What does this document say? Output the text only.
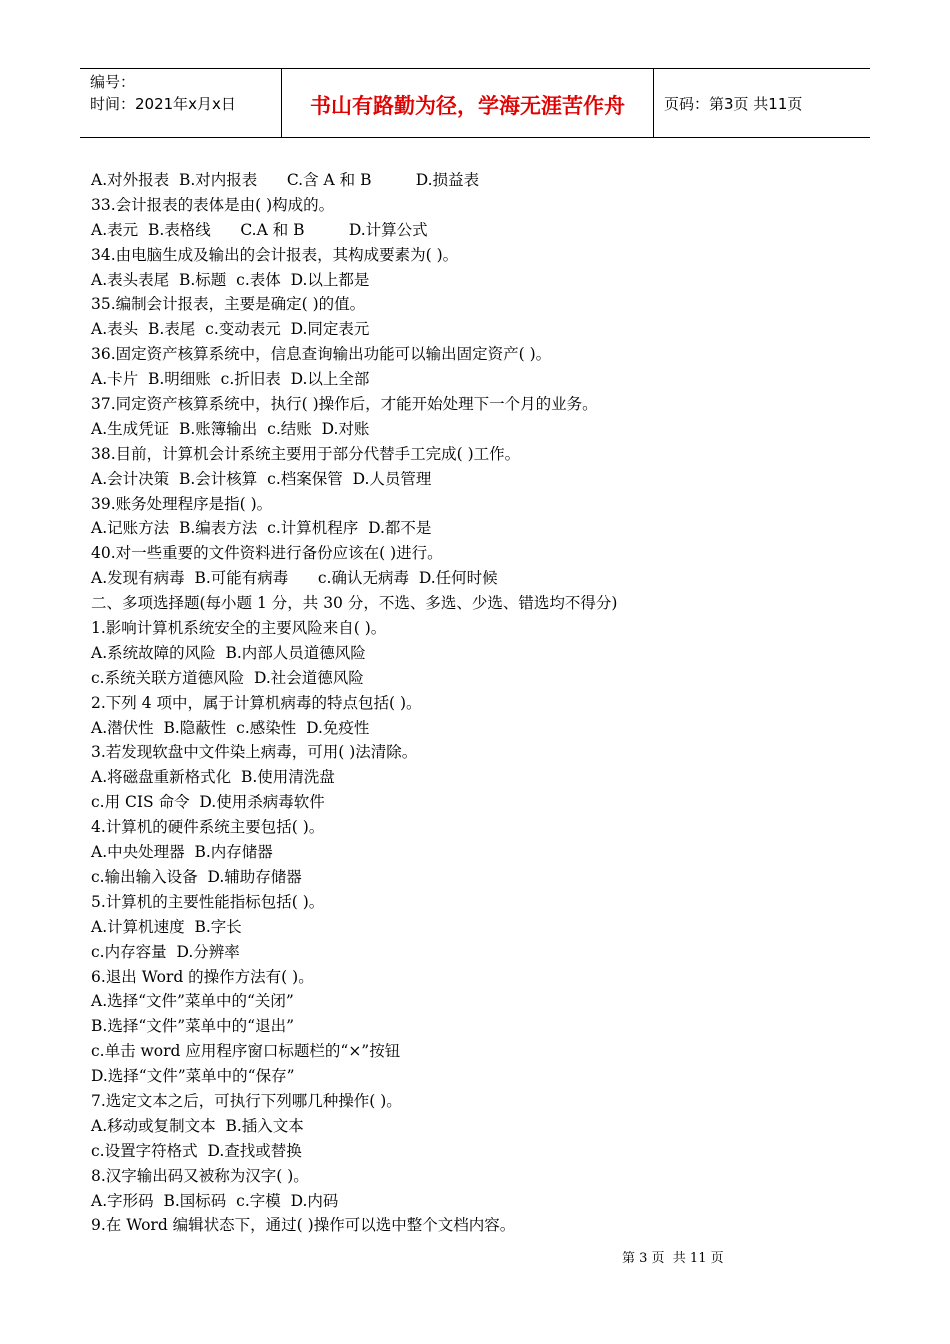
编号：
时间：2021年x月x日	书山有路勤为径，学海无涯苦作舟	页码：第3页 共11页
A.对外报表  B.对内报表      C.含 A 和 B         D.损益表
33.会计报表的表体是由( )构成的。
A.表元  B.表格线      C.A 和 B         D.计算公式
34.由电脑生成及输出的会计报表，其构成要素为( )。
A.表头表尾  B.标题  c.表体  D.以上都是
35.编制会计报表，主要是确定( )的值。
A.表头  B.表尾  c.变动表元  D.同定表元
36.固定资产核算系统中，信息查询输出功能可以输出固定资产( )。
A.卡片  B.明细账  c.折旧表  D.以上全部
37.同定资产核算系统中，执行( )操作后，才能开始处理下一个月的业务。
A.生成凭证  B.账簿输出  c.结账  D.对账
38.目前，计算机会计系统主要用于部分代替手工完成( )工作。
A.会计决策  B.会计核算  c.档案保管  D.人员管理
39.账务处理程序是指( )。
A.记账方法  B.编表方法  c.计算机程序  D.都不是
40.对一些重要的文件资料进行备份应该在( )进行。
A.发现有病毒  B.可能有病毒      c.确认无病毒  D.任何时候
二、多项选择题(每小题 1 分，共 30 分，不选、多选、少选、错选均不得分)
1.影响计算机系统安全的主要风险来自( )。
A.系统故障的风险  B.内部人员道德风险
c.系统关联方道德风险  D.社会道德风险
2.下列 4 项中，属于计算机病毒的特点包括( )。
A.潜伏性  B.隐蔽性  c.感染性  D.免疫性
3.若发现软盘中文件染上病毒，可用( )法清除。
A.将磁盘重新格式化  B.使用清洗盘
c.用 CIS 命令  D.使用杀病毒软件
4.计算机的硬件系统主要包括( )。
A.中央处理器  B.内存储器
c.输出输入设备  D.辅助存储器
5.计算机的主要性能指标包括( )。
A.计算机速度  B.字长
c.内存容量  D.分辨率
6.退出 Word 的操作方法有( )。
A.选择“文件”菜单中的“关闭”
B.选择“文件”菜单中的“退出”
c.单击 word 应用程序窗口标题栏的“×”按钮
D.选择“文件”菜单中的“保存”
7.选定文本之后，可执行下列哪几种操作( )。
A.移动或复制文本  B.插入文本
c.设置字符格式  D.查找或替换
8.汉字输出码又被称为汉字( )。
A.字形码  B.国标码  c.字模  D.内码
9.在 Word 编辑状态下，通过( )操作可以选中整个文档内容。
第 3 页  共 11 页
